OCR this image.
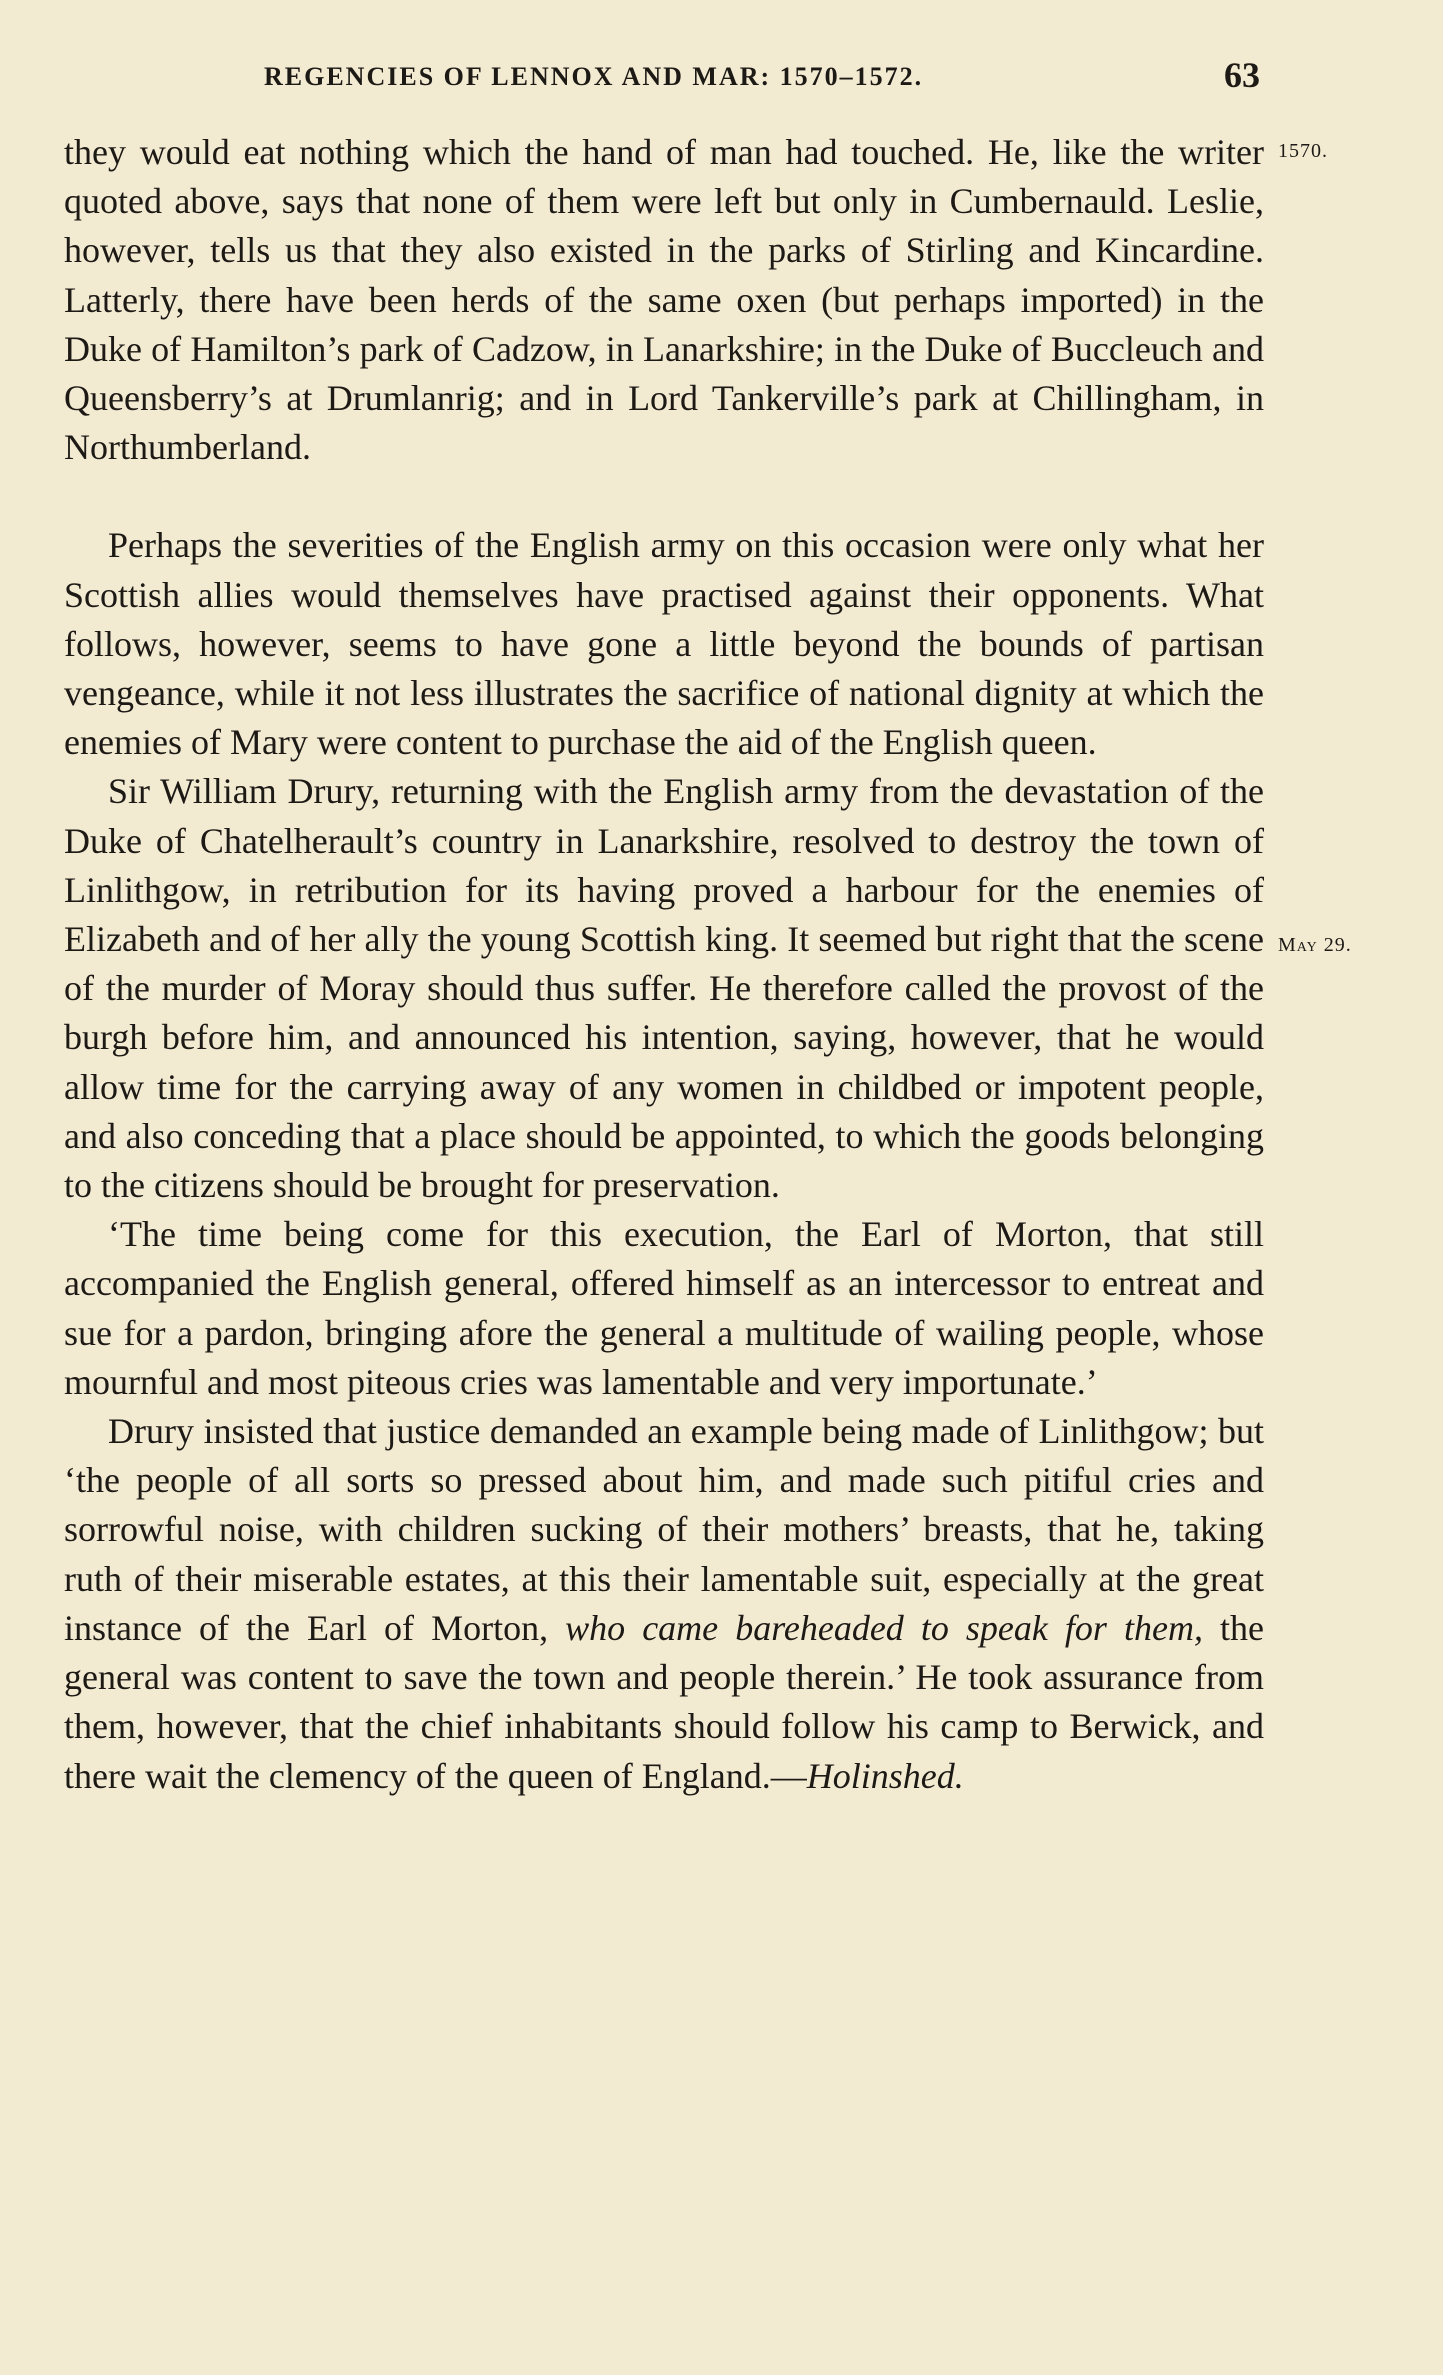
REGENCIES OF LENNOX AND MAR: 1570–1572.	63
1570.
May 29.

they would eat nothing which the hand of man had touched. He, like the writer quoted above, says that none of them were left but only in Cumbernauld. Leslie, however, tells us that they also existed in the parks of Stirling and Kincardine. Latterly, there have been herds of the same oxen (but perhaps imported) in the Duke of Hamilton’s park of Cadzow, in Lanarkshire; in the Duke of Buccleuch and Queensberry’s at Drumlanrig; and in Lord Tankerville’s park at Chillingham, in Northumberland.

Perhaps the severities of the English army on this occasion were only what her Scottish allies would themselves have practised against their opponents. What follows, however, seems to have gone a little beyond the bounds of partisan vengeance, while it not less illustrates the sacrifice of national dignity at which the enemies of Mary were content to purchase the aid of the English queen.

Sir William Drury, returning with the English army from the devastation of the Duke of Chatelherault’s country in Lanarkshire, resolved to destroy the town of Linlithgow, in retribution for its having proved a harbour for the enemies of Elizabeth and of her ally the young Scottish king. It seemed but right that the scene of the murder of Moray should thus suffer. He therefore called the provost of the burgh before him, and announced his intention, saying, however, that he would allow time for the carrying away of any women in childbed or impotent people, and also conceding that a place should be appointed, to which the goods belonging to the citizens should be brought for preservation.

‘The time being come for this execution, the Earl of Morton, that still accompanied the English general, offered himself as an intercessor to entreat and sue for a pardon, bringing afore the general a multitude of wailing people, whose mournful and most piteous cries was lamentable and very importunate.’

Drury insisted that justice demanded an example being made of Linlithgow; but ‘the people of all sorts so pressed about him, and made such pitiful cries and sorrowful noise, with children sucking of their mothers’ breasts, that he, taking ruth of their miserable estates, at this their lamentable suit, especially at the great instance of the Earl of Morton, who came bareheaded to speak for them, the general was content to save the town and people therein.’ He took assurance from them, however, that the chief inhabitants should follow his camp to Berwick, and there wait the clemency of the queen of England.—Holinshed.
